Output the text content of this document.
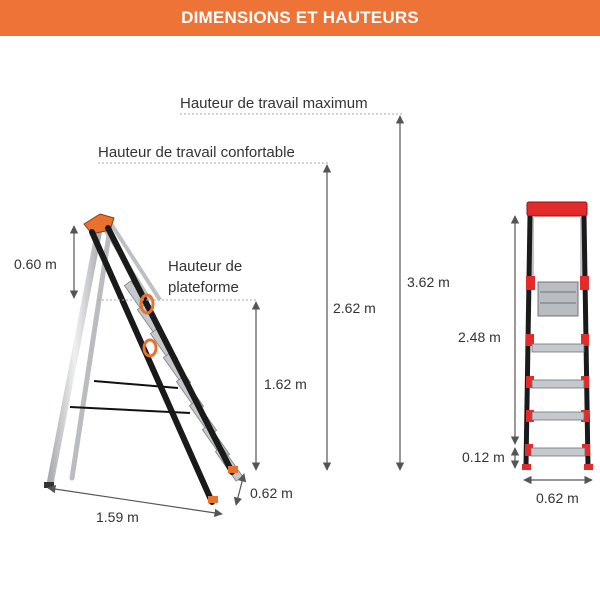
DIMENSIONS ET HAUTEURS
Hauteur de travail maximum
Hauteur de travail confortable
Hauteur de
plateforme
0.60 m
1.62 m
2.62 m
3.62 m
0.62 m
1.59 m
2.48 m
0.12 m
0.62 m
